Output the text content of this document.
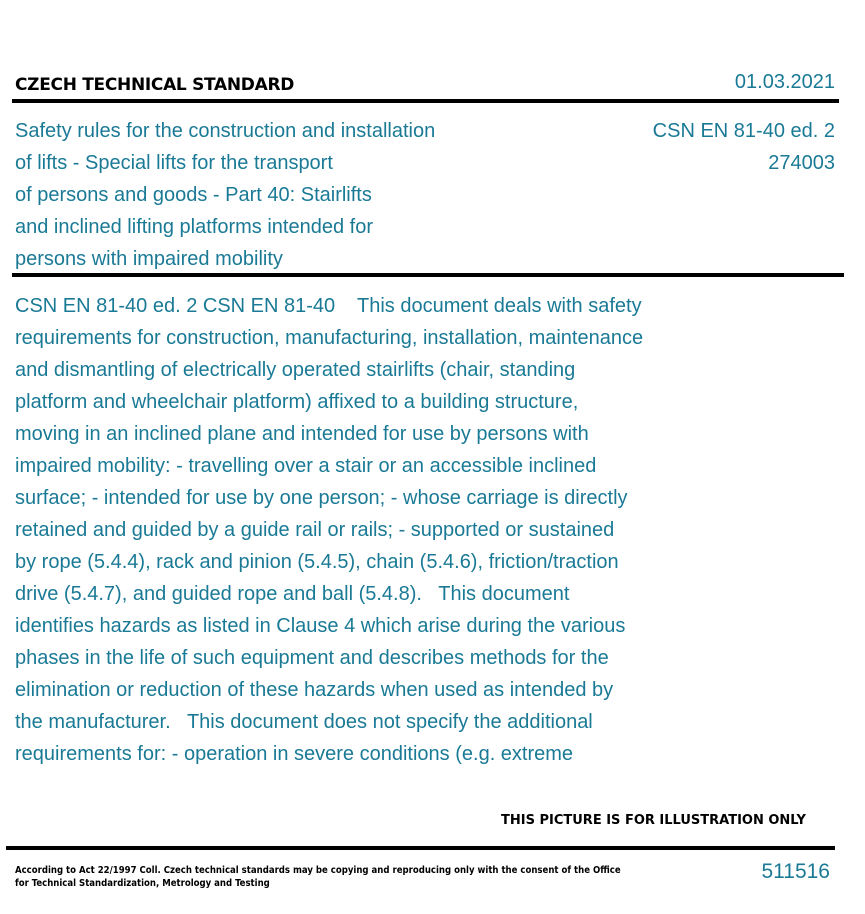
CZECH TECHNICAL STANDARD	01.03.2021
Safety rules for the construction and installation
of lifts - Special lifts for the transport
of persons and goods - Part 40: Stairlifts
and inclined lifting platforms intended for
persons with impaired mobility
CSN EN 81-40 ed. 2
274003
CSN EN 81-40 ed. 2 CSN EN 81-40    This document deals with safety
requirements for construction, manufacturing, installation, maintenance
and dismantling of electrically operated stairlifts (chair, standing
platform and wheelchair platform) affixed to a building structure,
moving in an inclined plane and intended for use by persons with
impaired mobility: - travelling over a stair or an accessible inclined
surface; - intended for use by one person; - whose carriage is directly
retained and guided by a guide rail or rails; - supported or sustained
by rope (5.4.4), rack and pinion (5.4.5), chain (5.4.6), friction/traction
drive (5.4.7), and guided rope and ball (5.4.8).   This document
identifies hazards as listed in Clause 4 which arise during the various
phases in the life of such equipment and describes methods for the
elimination or reduction of these hazards when used as intended by
the manufacturer.   This document does not specify the additional
requirements for: - operation in severe conditions (e.g. extreme
THIS PICTURE IS FOR ILLUSTRATION ONLY
According to Act 22/1997 Coll. Czech technical standards may be copying and reproducing only with the consent of the Office
for Technical Standardization, Metrology and Testing
511516
